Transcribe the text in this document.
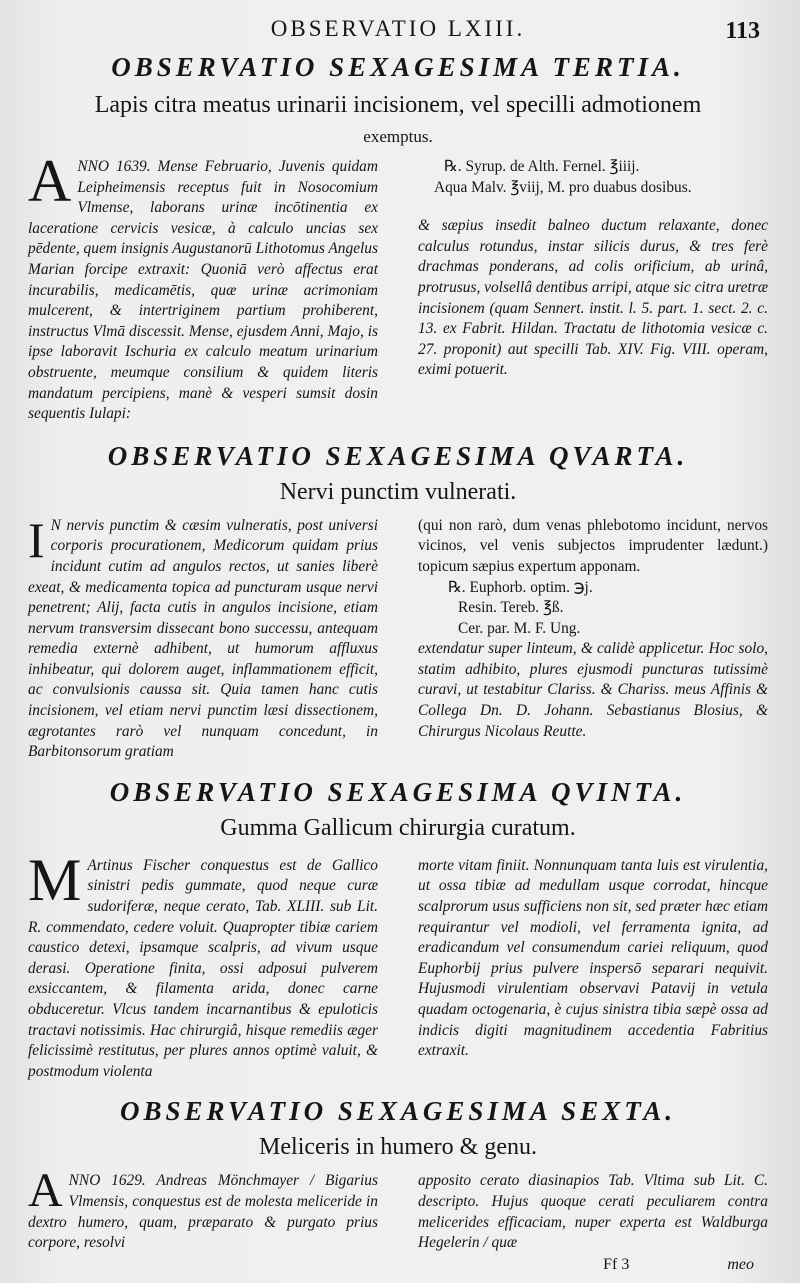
OBSERVATIO LXIII.	113
OBSERVATIO SEXAGESIMA TERTIA.
Lapis citra meatus urinarii incisionem, vel specilli admotionem
exemptus.
A NNO 1639. Mense Februario, Juvenis quidam Leipheimensis receptus fuit in Nosocomium Vlmense, laborans urinæ incōtinentia ex laceratione cervicis vesicæ, à calculo uncias sex pēdente, quem insignis Augustanorū Lithotomus Angelus Marian forcipe extraxit: Quoniā verò affectus erat incurabilis, medicamētis, quæ urinæ acrimoniam mulcerent, & intertriginem partium prohiberent, instructus Vlmā discessit. Mense, ejusdem Anni, Majo, is ipse laboravit Ischuria ex calculo meatum urinarium obstruente, meumque consilium & quidem literis mandatum percipiens, manè & vesperi sumsit dosin sequentis Iulapi:

℞. Syrup. de Alth. Fernel. ℥iiij.
Aqua Malv. ℥viij, M. pro duabus dosibus.

& sæpius insedit balneo ductum relaxante, donec calculus rotundus, instar silicis durus, & tres ferè drachmas ponderans, ad colis orificium, ab urinâ, protrusus, volsellâ dentibus arripi, atque sic citra uretræ incisionem (quam Sennert. instit. l. 5. part. 1. sect. 2. c. 13. ex Fabrit. Hildan. Tractatu de lithotomia vesicæ c. 27. proponit) aut specilli Tab. XIV. Fig. VIII. operam, eximi potuerit.

OBSERVATIO SEXAGESIMA QVARTA.
Nervi punctim vulnerati.
I N nervis punctim & cæsim vulneratis, post universi corporis procurationem, Medicorum quidam prius incidunt cutim ad angulos rectos, ut sanies liberè exeat, & medicamenta topica ad puncturam usque nervi penetrent; Alij, facta cutis in angulos incisione, etiam nervum transversim dissecant bono successu, antequam remedia externè adhibent, ut humorum affluxus inhibeatur, qui dolorem auget, inflammationem efficit, ac convulsionis caussa sit. Quia tamen hanc cutis incisionem, vel etiam nervi punctim læsi dissectionem, ægrotantes rarò vel nunquam concedunt, in Barbitonsorum gratiam

(qui non rarò, dum venas phlebotomo incidunt, nervos vicinos, vel venis subjectos imprudenter lædunt.) topicum sæpius expertum apponam.

℞. Euphorb. optim. ℈j.
Resin. Tereb. ℥ß.
Cer. par. M. F. Ung.

extendatur super linteum, & calidè applicetur. Hoc solo, statim adhibito, plures ejusmodi puncturas tutissimè curavi, ut testabitur Clariss. & Chariss. meus Affinis & Collega Dn. D. Johann. Sebastianus Blosius, & Chirurgus Nicolaus Reutte.

OBSERVATIO SEXAGESIMA QVINTA.
Gumma Gallicum chirurgia curatum.
M Artinus Fischer conquestus est de Gallico sinistri pedis gummate, quod neque curæ sudoriferæ, neque cerato, Tab. XLIII. sub Lit. R. commendato, cedere voluit. Quapropter tibiæ cariem caustico detexi, ipsamque scalpris, ad vivum usque derasi. Operatione finita, ossi adposui pulverem exsiccantem, & filamenta arida, donec carne obduceretur. Vlcus tandem incarnantibus & epuloticis tractavi notissimis. Hac chirurgiâ, hisque remediis æger felicissimè restitutus, per plures annos optimè valuit, & postmodum violenta

morte vitam finiit. Nonnunquam tanta luis est virulentia, ut ossa tibiæ ad medullam usque corrodat, hincque scalprorum usus sufficiens non sit, sed præter hæc etiam requirantur vel modioli, vel ferramenta ignita, ad eradicandum vel consumendum cariei reliquum, quod Euphorbij prius pulvere inspersō separari nequivit. Hujusmodi virulentiam observavi Patavij in vetula quadam octogenaria, è cujus sinistra tibia sæpè ossa ad indicis digiti magnitudinem accedentia Fabritius extraxit.

OBSERVATIO SEXAGESIMA SEXTA.
Meliceris in humero & genu.
A NNO 1629. Andreas Mönchmayer / Bigarius Vlmensis, conquestus est de molesta meliceride in dextro humero, quam, præparato & purgato prius corpore, resolvi

apposito cerato diasinapios Tab. Vltima sub Lit. C. descripto. Hujus quoque cerati peculiarem contra melicerides efficaciam, nuper experta est Waldburga Hegelerin / quæ

Ff 3	meo
